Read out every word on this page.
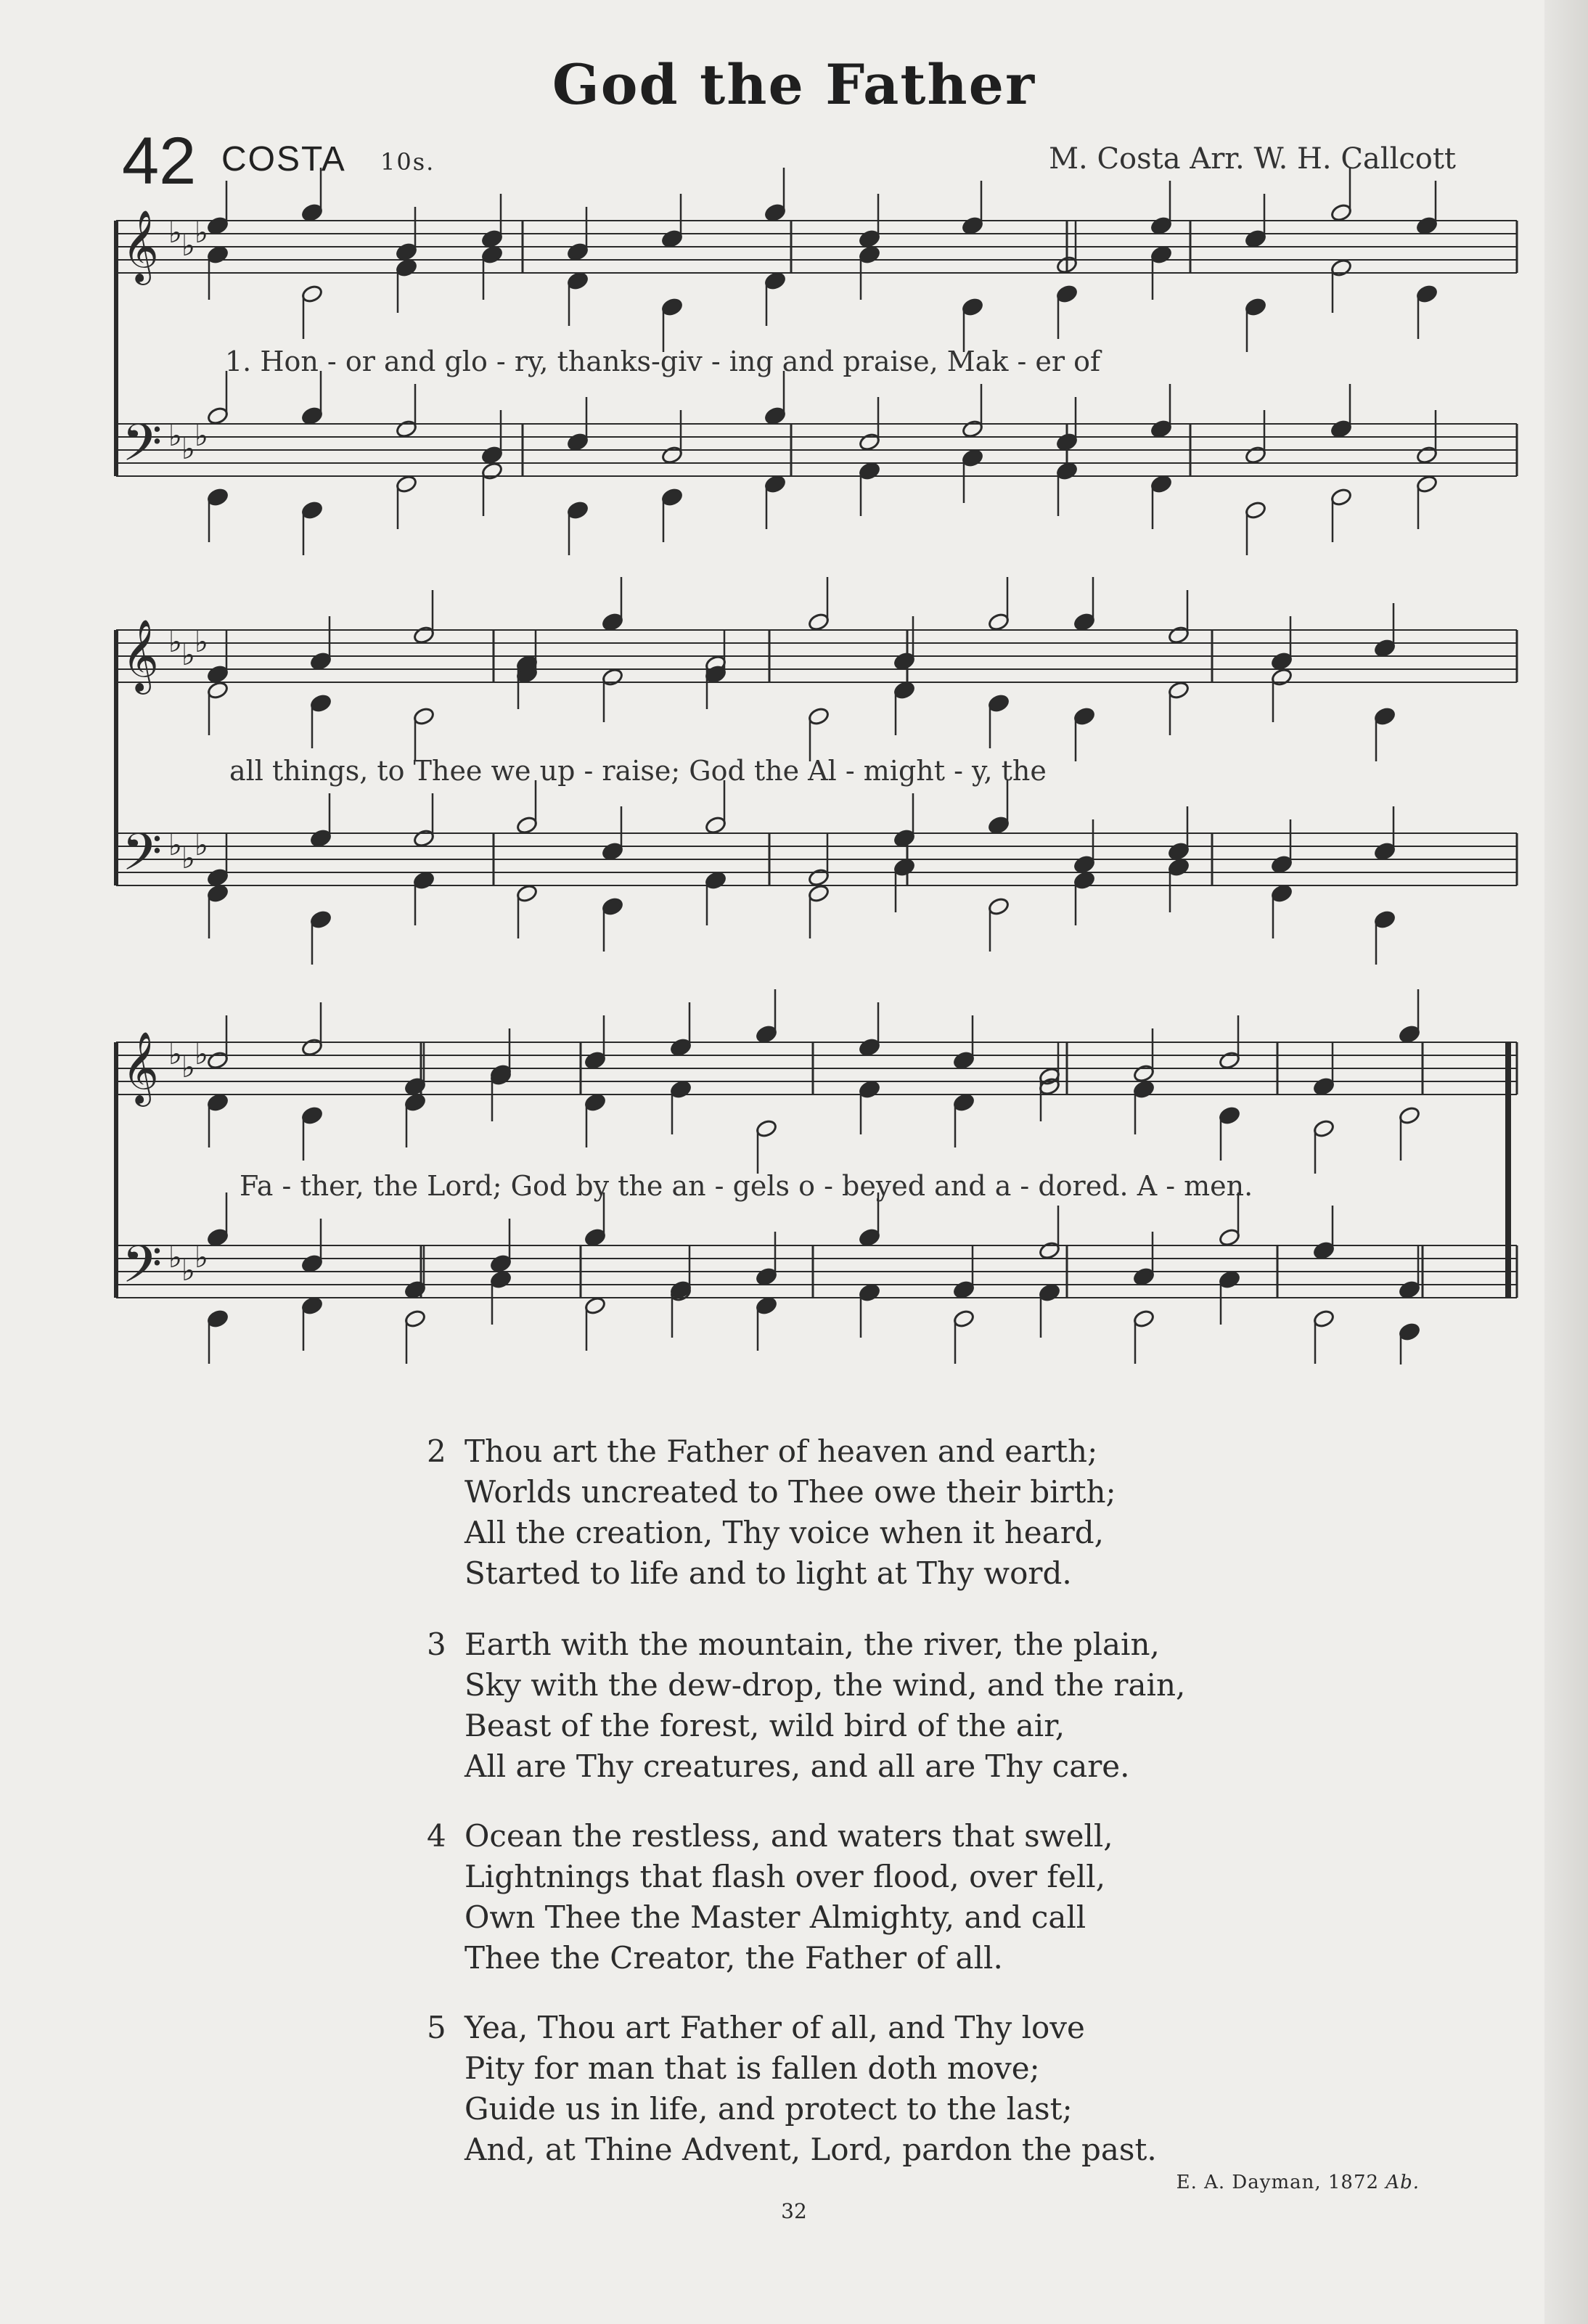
God the Father
42 COSTA 10s.	M. Costa Arr. W. H. Callcott
𝄞 ♭ ♭ ♭
𝄢 ♭ ♭ ♭
𝄞 ♭ ♭ ♭
𝄢 ♭ ♭ ♭
𝄞 ♭ ♭ ♭
𝄢 ♭ ♭ ♭
1. Hon - or and glo - ry, thanks-giv - ing and praise, Mak - er of
all things, to Thee we up - raise; God the Al - might - y, the
Fa - ther, the Lord; God by the an - gels o - beyed and a - dored. A - men.
2 Thou art the Father of heaven and earth;
Worlds uncreated to Thee owe their birth;
All the creation, Thy voice when it heard,
Started to life and to light at Thy word.
3 Earth with the mountain, the river, the plain,
Sky with the dew-drop, the wind, and the rain,
Beast of the forest, wild bird of the air,
All are Thy creatures, and all are Thy care.
4 Ocean the restless, and waters that swell,
Lightnings that flash over flood, over fell,
Own Thee the Master Almighty, and call
Thee the Creator, the Father of all.
5 Yea, Thou art Father of all, and Thy love
Pity for man that is fallen doth move;
Guide us in life, and protect to the last;
And, at Thine Advent, Lord, pardon the past.
E. A. Dayman, 1872 Ab.
32
